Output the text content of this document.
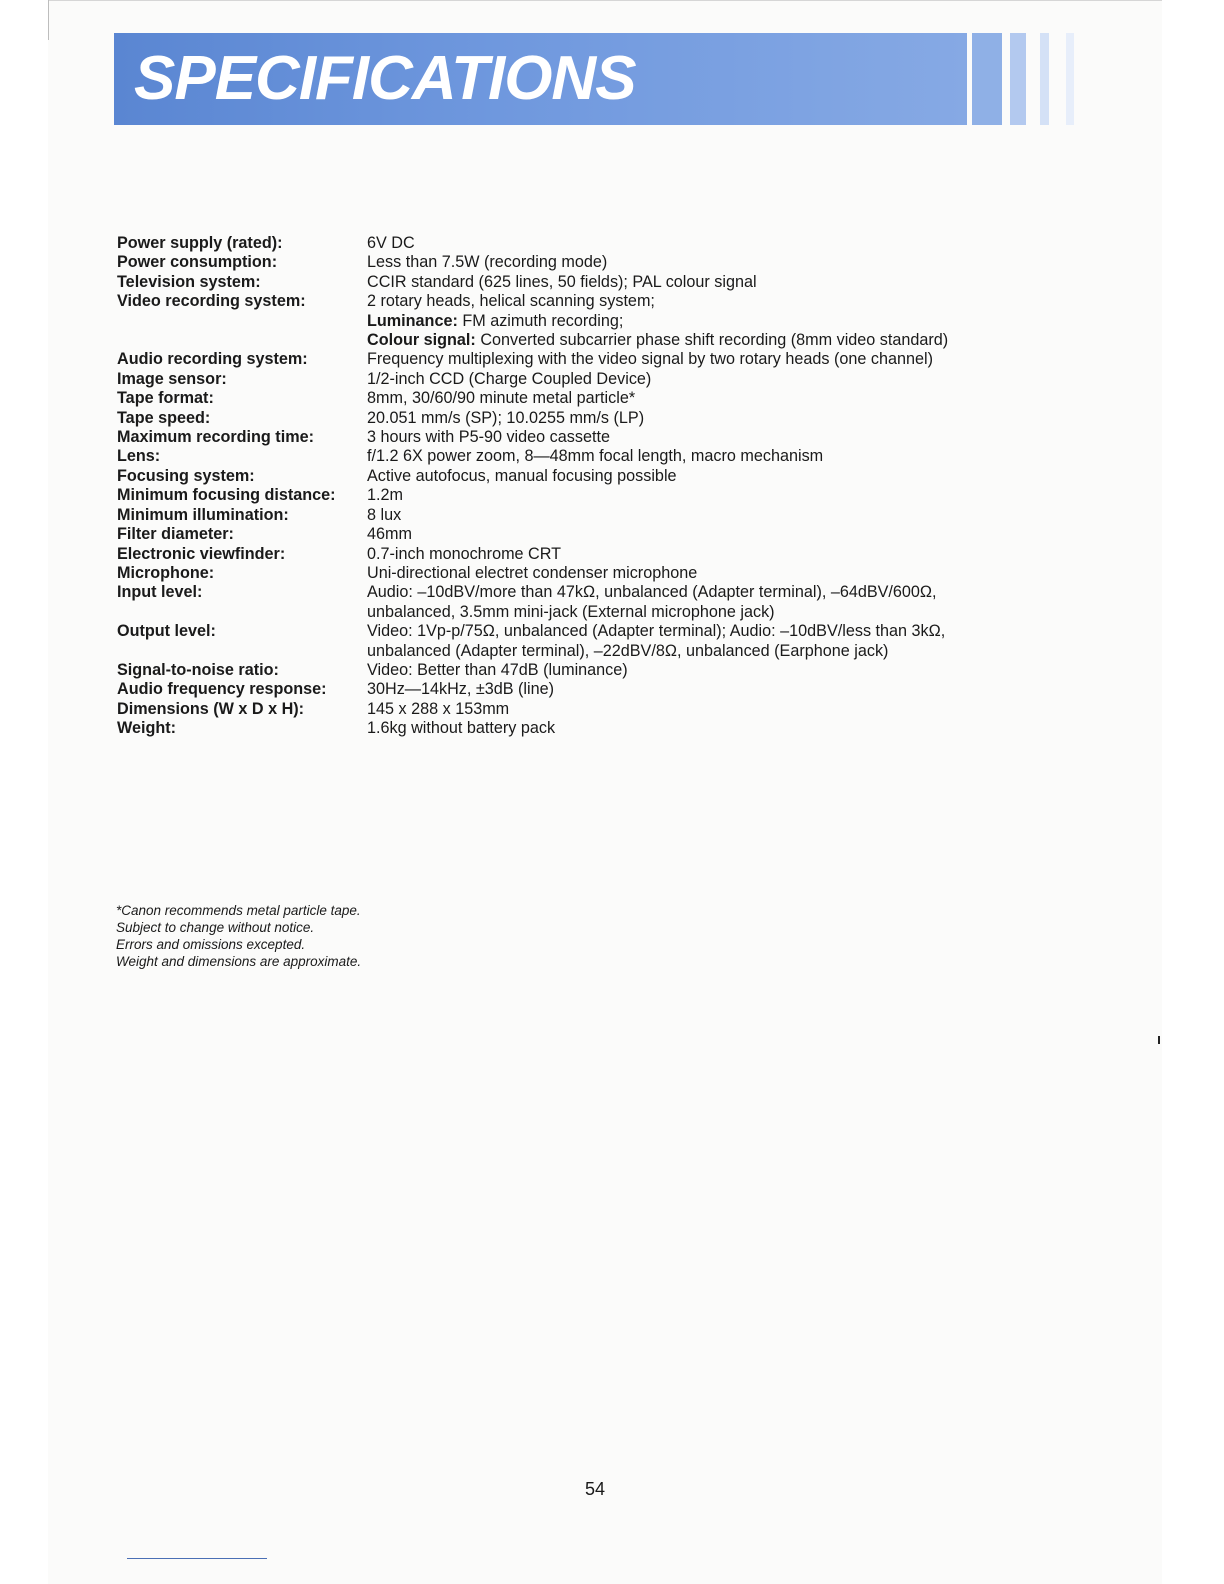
SPECIFICATIONS
Power supply (rated):	6V DC
Power consumption:	Less than 7.5W (recording mode)
Television system:	CCIR standard (625 lines, 50 fields); PAL colour signal
Video recording system:	2 rotary heads, helical scanning system;
Luminance: FM azimuth recording;
Colour signal: Converted subcarrier phase shift recording (8mm video standard)
Audio recording system:	Frequency multiplexing with the video signal by two rotary heads (one channel)
Image sensor:	1/2-inch CCD (Charge Coupled Device)
Tape format:	8mm, 30/60/90 minute metal particle*
Tape speed:	20.051 mm/s (SP); 10.0255 mm/s (LP)
Maximum recording time:	3 hours with P5-90 video cassette
Lens:	f/1.2 6X power zoom, 8—48mm focal length, macro mechanism
Focusing system:	Active autofocus, manual focusing possible
Minimum focusing distance:	1.2m
Minimum illumination:	8 lux
Filter diameter:	46mm
Electronic viewfinder:	0.7-inch monochrome CRT
Microphone:	Uni-directional electret condenser microphone
Input level:	Audio: –10dBV/more than 47kΩ, unbalanced (Adapter terminal), –64dBV/600Ω,
unbalanced, 3.5mm mini-jack (External microphone jack)
Output level:	Video: 1Vp-p/75Ω, unbalanced (Adapter terminal); Audio: –10dBV/less than 3kΩ,
unbalanced (Adapter terminal), –22dBV/8Ω, unbalanced (Earphone jack)
Signal-to-noise ratio:	Video: Better than 47dB (luminance)
Audio frequency response:	30Hz—14kHz, ±3dB (line)
Dimensions (W x D x H):	145 x 288 x 153mm
Weight:	1.6kg without battery pack
*Canon recommends metal particle tape.
Subject to change without notice.
Errors and omissions excepted.
Weight and dimensions are approximate.
54
